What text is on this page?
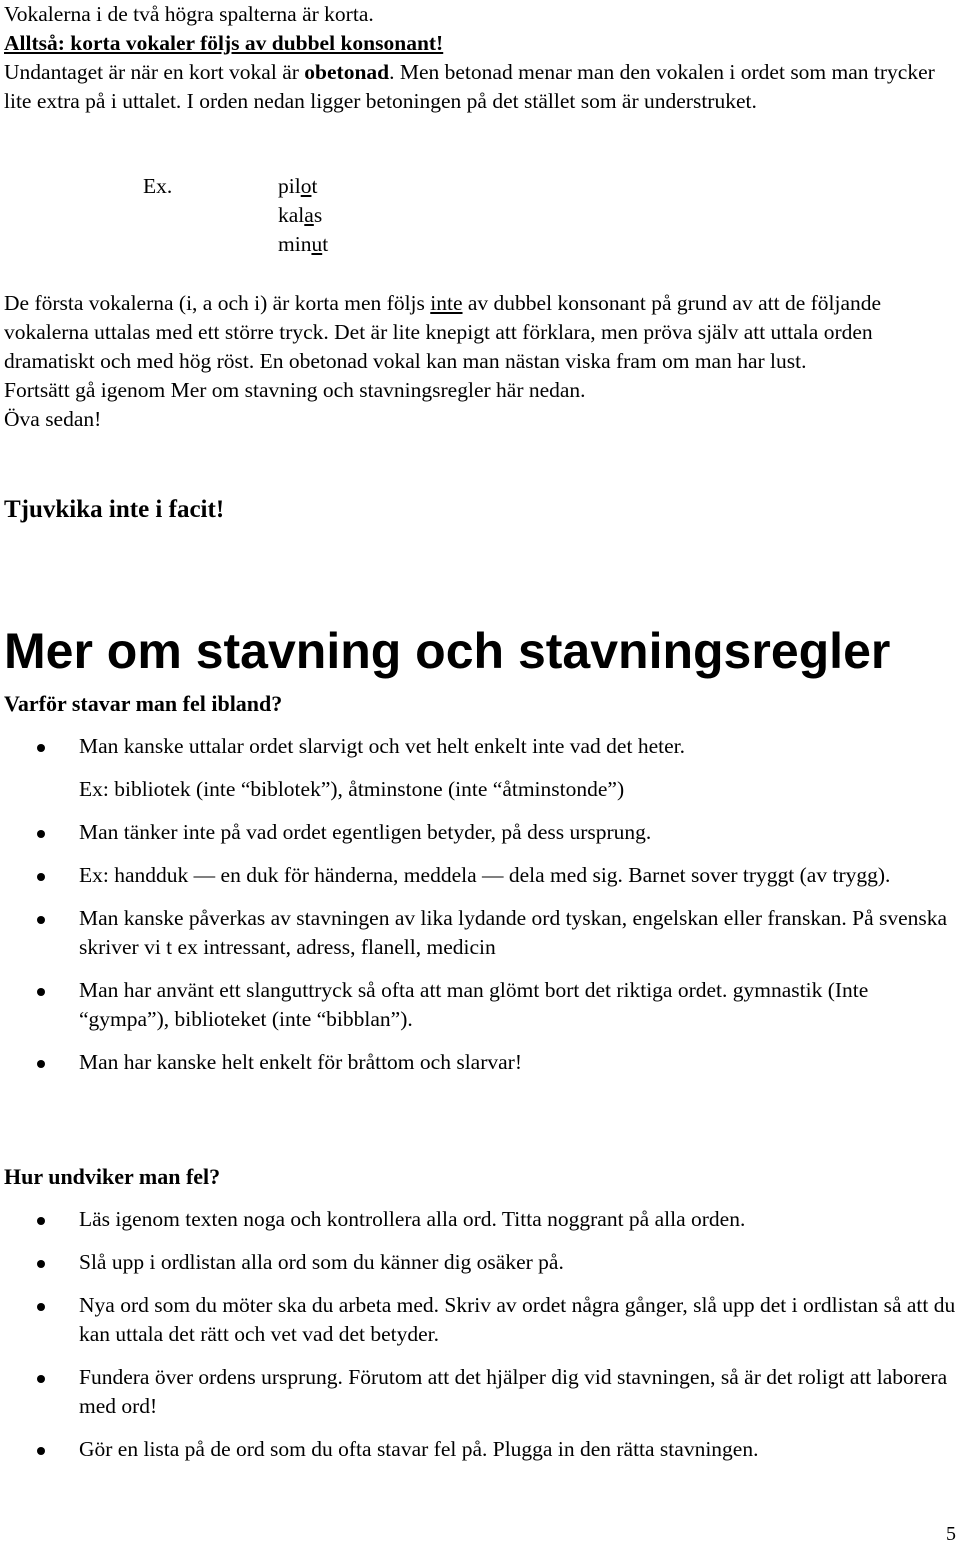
Vokalerna i de två högra spalterna är korta.

Alltså: korta vokaler följs av dubbel konsonant!

Undantaget är när en kort vokal är obetonad. Men betonad menar man den vokalen i ordet som man trycker lite extra på i uttalet. I orden nedan ligger betoningen på det stället som är understruket.

Ex.	pilot
kalas
minut

De första vokalerna (i, a och i) är korta men följs inte av dubbel konsonant på grund av att de följande vokalerna uttalas med ett större tryck. Det är lite knepigt att förklara, men pröva själv att uttala orden dramatiskt och med hög röst. En obetonad vokal kan man nästan viska fram om man har lust.

Fortsätt gå igenom Mer om stavning och stavningsregler här nedan.

Öva sedan!

Tjuvkika inte i facit!
Mer om stavning och stavningsregler
Varför stavar man fel ibland?
Man kanske uttalar ordet slarvigt och vet helt enkelt inte vad det heter.
Ex: bibliotek (inte “biblotek”), åtminstone (inte “åtminstonde”)
Man tänker inte på vad ordet egentligen betyder, på dess ursprung.
Ex: handduk — en duk för händerna, meddela — dela med sig. Barnet sover tryggt (av trygg).
Man kanske påverkas av stavningen av lika lydande ord tyskan, engelskan eller franskan. På svenska skriver vi t ex intressant, adress, flanell, medicin
Man har använt ett slanguttryck så ofta att man glömt bort det riktiga ordet. gymnastik (Inte “gympa”), biblioteket (inte “bibblan”).
Man har kanske helt enkelt för bråttom och slarvar!
Hur undviker man fel?
Läs igenom texten noga och kontrollera alla ord. Titta noggrant på alla orden.
Slå upp i ordlistan alla ord som du känner dig osäker på.
Nya ord som du möter ska du arbeta med. Skriv av ordet några gånger, slå upp det i ordlistan så att du kan uttala det rätt och vet vad det betyder.
Fundera över ordens ursprung. Förutom att det hjälper dig vid stavningen, så är det roligt att laborera med ord!
Gör en lista på de ord som du ofta stavar fel på. Plugga in den rätta stavningen.
5
